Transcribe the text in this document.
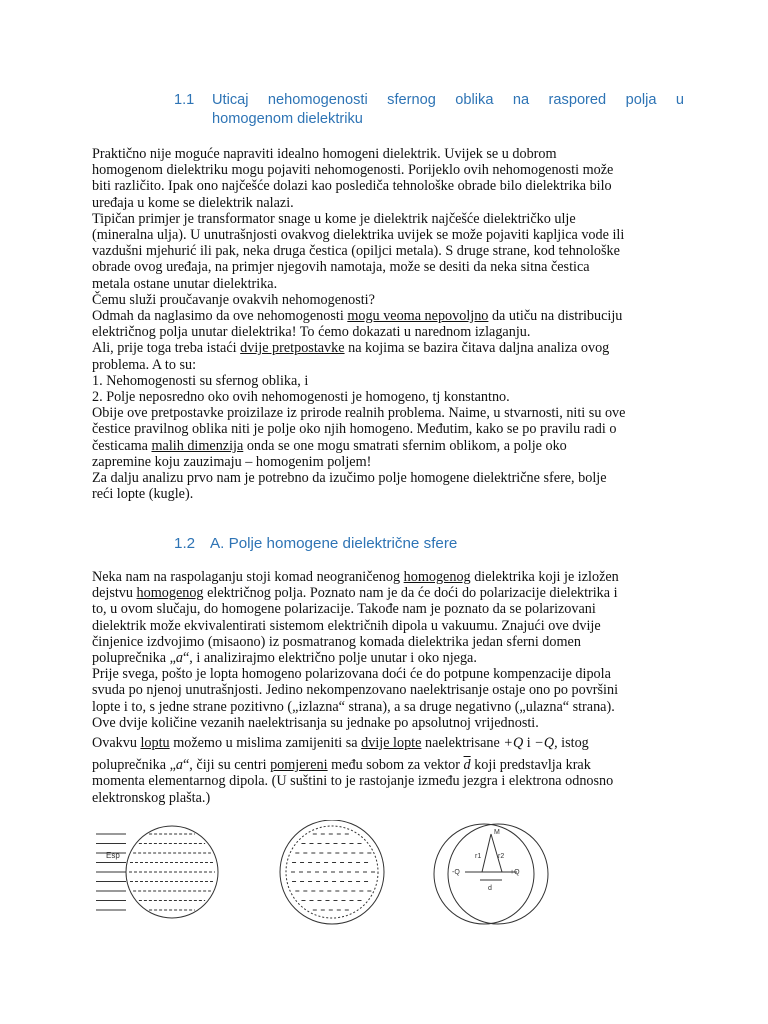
1.1 Uticaj nehomogenosti sfernog oblika na raspored polja u
homogenom dielektriku
Praktično nije moguće napraviti idealno homogeni dielektrik. Uvijek se u dobrom
homogenom dielektriku mogu pojaviti nehomogenosti. Porijeklo ovih nehomogenosti može
biti različito. Ipak ono najčešće dolazi kao poslediča tehnološke obrade bilo dielektrika bilo
uređaja u kome se dielektrik nalazi.
Tipičan primjer je transformator snage u kome je dielektrik najčešće dielektričko ulje
(mineralna ulja). U unutrašnjosti ovakvog dielektrika uvijek se može pojaviti kapljica vode ili
vazdušni mjehurić ili pak, neka druga čestica (opiljci metala). S druge strane, kod tehnološke
obrade ovog uređaja, na primjer njegovih namotaja, može se desiti da neka sitna čestica
metala ostane unutar dielektrika.
Čemu služi proučavanje ovakvih nehomogenosti?
Odmah da naglasimo da ove nehomogenosti mogu veoma nepovoljno da utiču na distribuciju
električnog polja unutar dielektrika! To ćemo dokazati u narednom izlaganju.
Ali, prije toga treba istaći dvije pretpostavke na kojima se bazira čitava daljna analiza ovog
problema. A to su:
1. Nehomogenosti su sfernog oblika, i
2. Polje neposredno oko ovih nehomogenosti je homogeno, tj konstantno.
Obije ove pretpostavke proizilaze iz prirode realnih problema. Naime, u stvarnosti, niti su ove
čestice pravilnog oblika niti je polje oko njih homogeno. Međutim, kako se po pravilu radi o
česticama malih dimenzija onda se one mogu smatrati sfernim oblikom, a polje oko
zapremine koju zauzimaju – homogenim poljem!
Za dalju analizu prvo nam je potrebno da izučimo polje homogene dielektrične sfere, bolje
reći lopte (kugle).
1.2 A. Polje homogene dielektrične sfere
Neka nam na raspolaganju stoji komad neograničenog homogenog dielektrika koji je izložen
dejstvu homogenog električnog polja. Poznato nam je da će doći do polarizacije dielektrika i
to, u ovom slučaju, do homogene polarizacije. Takođe nam je poznato da se polarizovani
dielektrik može ekvivalentirati sistemom električnih dipola u vakuumu. Znajući ove dvije
činjenice izdvojimo (misaono) iz posmatranog komada dielektrika jedan sferni domen
poluprečnika „a“, i analizirajmo električno polje unutar i oko njega.
Prije svega, pošto je lopta homogeno polarizovana doći će do potpune kompenzacije dipola
svuda po njenoj unutrašnjosti. Jedino nekompenzovano naelektrisanje ostaje ono po površini
lopte i to, s jedne strane pozitivno („izlazna“ strana), a sa druge negativno („ulazna“ strana).
Ove dvije količine vezanih naelektrisanja su jednake po apsolutnoj vrijednosti.
Ovakvu loptu možemo u mislima zamijeniti sa dvije lopte naelektrisane +Q i −Q, istog
poluprečnika „a“, čiji su centri pomjereni među sobom za vektor $\overline{d}$ koji predstavlja krak
momenta elementarnog dipola. (U suštini to je rastojanje između jezgra i elektrona odnosno
elektronskog plašta.)
Esp
-Q	+Q
r1 r2
d
M
